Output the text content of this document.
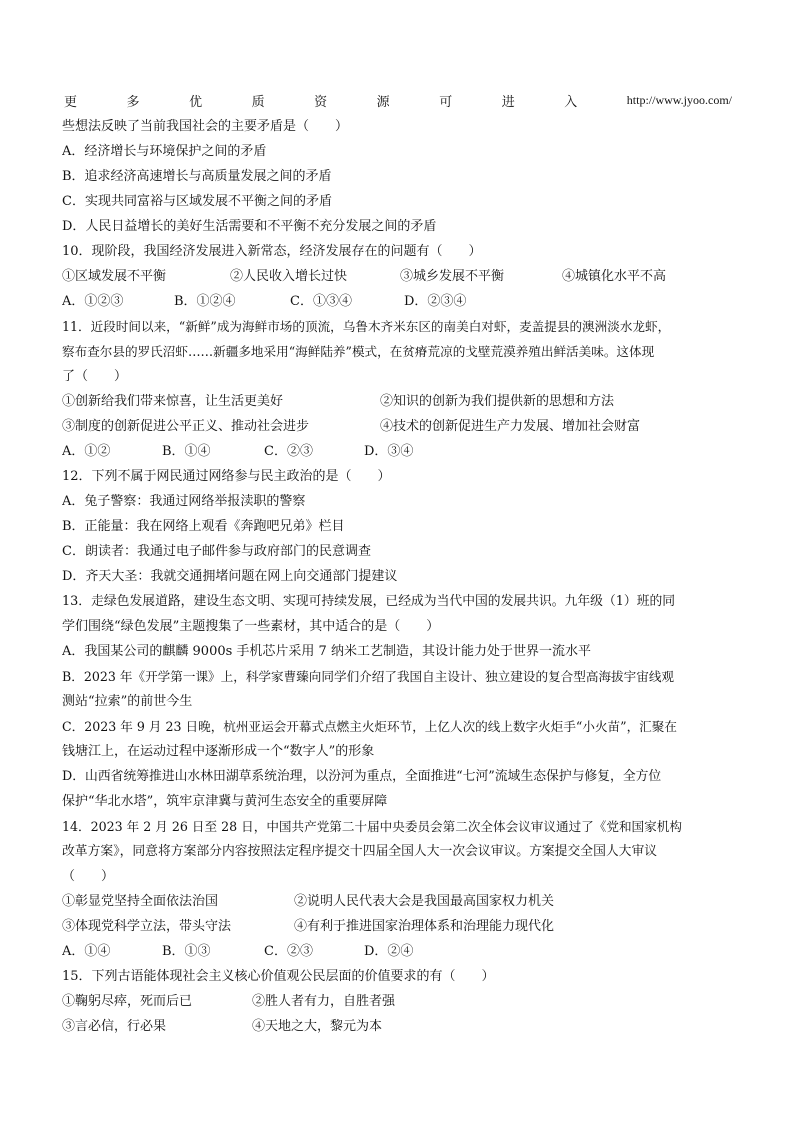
更	多	优	质	资	源	可	进	入	http://www.jyoo.com/
些想法反映了当前我国社会的主要矛盾是（　　）
A．经济增长与环境保护之间的矛盾
B．追求经济高速增长与高质量发展之间的矛盾
C．实现共同富裕与区域发展不平衡之间的矛盾
D．人民日益增长的美好生活需要和不平衡不充分发展之间的矛盾
10．现阶段，我国经济发展进入新常态，经济发展存在的问题有（　　）
①区域发展不平衡	②人民收入增长过快	③城乡发展不平衡	④城镇化水平不高
A．①②③	B．①②④	C．①③④	D．②③④
11．近段时间以来，“新鲜”成为海鲜市场的顶流，乌鲁木齐米东区的南美白对虾，麦盖提县的澳洲淡水龙虾，
察布查尔县的罗氏沼虾……新疆多地采用“海鲜陆养”模式，在贫瘠荒凉的戈壁荒漠养殖出鲜活美味。这体现
了（　　）
①创新给我们带来惊喜，让生活更美好	②知识的创新为我们提供新的思想和方法
③制度的创新促进公平正义、推动社会进步	④技术的创新促进生产力发展、增加社会财富
A．①②	B．①④	C．②③	D．③④
12．下列不属于网民通过网络参与民主政治的是（　　）
A．兔子警察：我通过网络举报渎职的警察
B．正能量：我在网络上观看《奔跑吧兄弟》栏目
C．朗读者：我通过电子邮件参与政府部门的民意调查
D．齐天大圣：我就交通拥堵问题在网上向交通部门提建议
13．走绿色发展道路，建设生态文明、实现可持续发展，已经成为当代中国的发展共识。九年级（1）班的同
学们围绕“绿色发展”主题搜集了一些素材，其中适合的是（　　）
A．我国某公司的麒麟 9000s 手机芯片采用 7 纳米工艺制造，其设计能力处于世界一流水平
B．2023 年《开学第一课》上，科学家曹臻向同学们介绍了我国自主设计、独立建设的复合型高海拔宇宙线观
测站“拉索”的前世今生
C．2023 年 9 月 23 日晚，杭州亚运会开幕式点燃主火炬环节，上亿人次的线上数字火炬手“小火苗”，汇聚在
钱塘江上，在运动过程中逐渐形成一个“数字人”的形象
D．山西省统筹推进山水林田湖草系统治理，以汾河为重点，全面推进“七河”流域生态保护与修复，全方位
保护“华北水塔”，筑牢京津冀与黄河生态安全的重要屏障
14．2023 年 2 月 26 日至 28 日，中国共产党第二十届中央委员会第二次全体会议审议通过了《党和国家机构
改革方案》，同意将方案部分内容按照法定程序提交十四届全国人大一次会议审议。方案提交全国人大审议
（　　）
①彰显党坚持全面依法治国	②说明人民代表大会是我国最高国家权力机关
③体现党科学立法，带头守法	④有利于推进国家治理体系和治理能力现代化
A．①④	B．①③	C．②③	D．②④
15．下列古语能体现社会主义核心价值观公民层面的价值要求的有（　　）
①鞠躬尽瘁，死而后已	②胜人者有力，自胜者强
③言必信，行必果	④天地之大，黎元为本
